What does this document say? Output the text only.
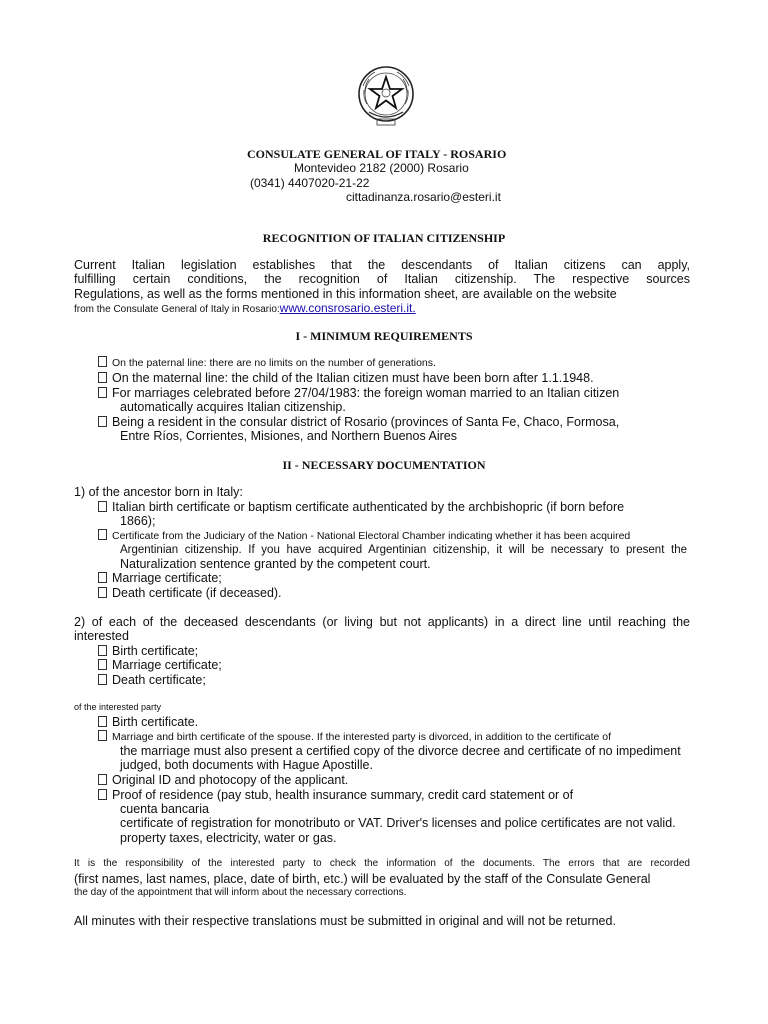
CONSULATE GENERAL OF ITALY - ROSARIO
Montevideo 2182 (2000) Rosario
(0341) 4407020-21-22
cittadinanza.rosario@esteri.it
RECOGNITION OF ITALIAN CITIZENSHIP
Current Italian legislation establishes that the descendants of Italian citizens can apply,
fulfilling certain conditions, the recognition of Italian citizenship. The respective sources
Regulations, as well as the forms mentioned in this information sheet, are available on the website
from the Consulate General of Italy in Rosario:www.consrosario.esteri.it.
I - MINIMUM REQUIREMENTS
On the paternal line: there are no limits on the number of generations.
On the maternal line: the child of the Italian citizen must have been born after 1.1.1948.
For marriages celebrated before 27/04/1983: the foreign woman married to an Italian citizen
automatically acquires Italian citizenship.
Being a resident in the consular district of Rosario (provinces of Santa Fe, Chaco, Formosa,
Entre Ríos, Corrientes, Misiones, and Northern Buenos Aires
II - NECESSARY DOCUMENTATION
1) of the ancestor born in Italy:
Italian birth certificate or baptism certificate authenticated by the archbishopric (if born before
1866);
Certificate from the Judiciary of the Nation - National Electoral Chamber indicating whether it has been acquired
Argentinian citizenship. If you have acquired Argentinian citizenship, it will be necessary to present the
Naturalization sentence granted by the competent court.
Marriage certificate;
Death certificate (if deceased).
2) of each of the deceased descendants (or living but not applicants) in a direct line until reaching the
interested
Birth certificate;
Marriage certificate;
Death certificate;
of the interested party
Birth certificate.
Marriage and birth certificate of the spouse. If the interested party is divorced, in addition to the certificate of
the marriage must also present a certified copy of the divorce decree and certificate of no impediment
judged, both documents with Hague Apostille.
Original ID and photocopy of the applicant.
Proof of residence (pay stub, health insurance summary, credit card statement or of
cuenta bancaria
certificate of registration for monotributo or VAT. Driver's licenses and police certificates are not valid.
property taxes, electricity, water or gas.
It is the responsibility of the interested party to check the information of the documents. The errors that are recorded
(first names, last names, place, date of birth, etc.) will be evaluated by the staff of the Consulate General
the day of the appointment that will inform about the necessary corrections.
All minutes with their respective translations must be submitted in original and will not be returned.
